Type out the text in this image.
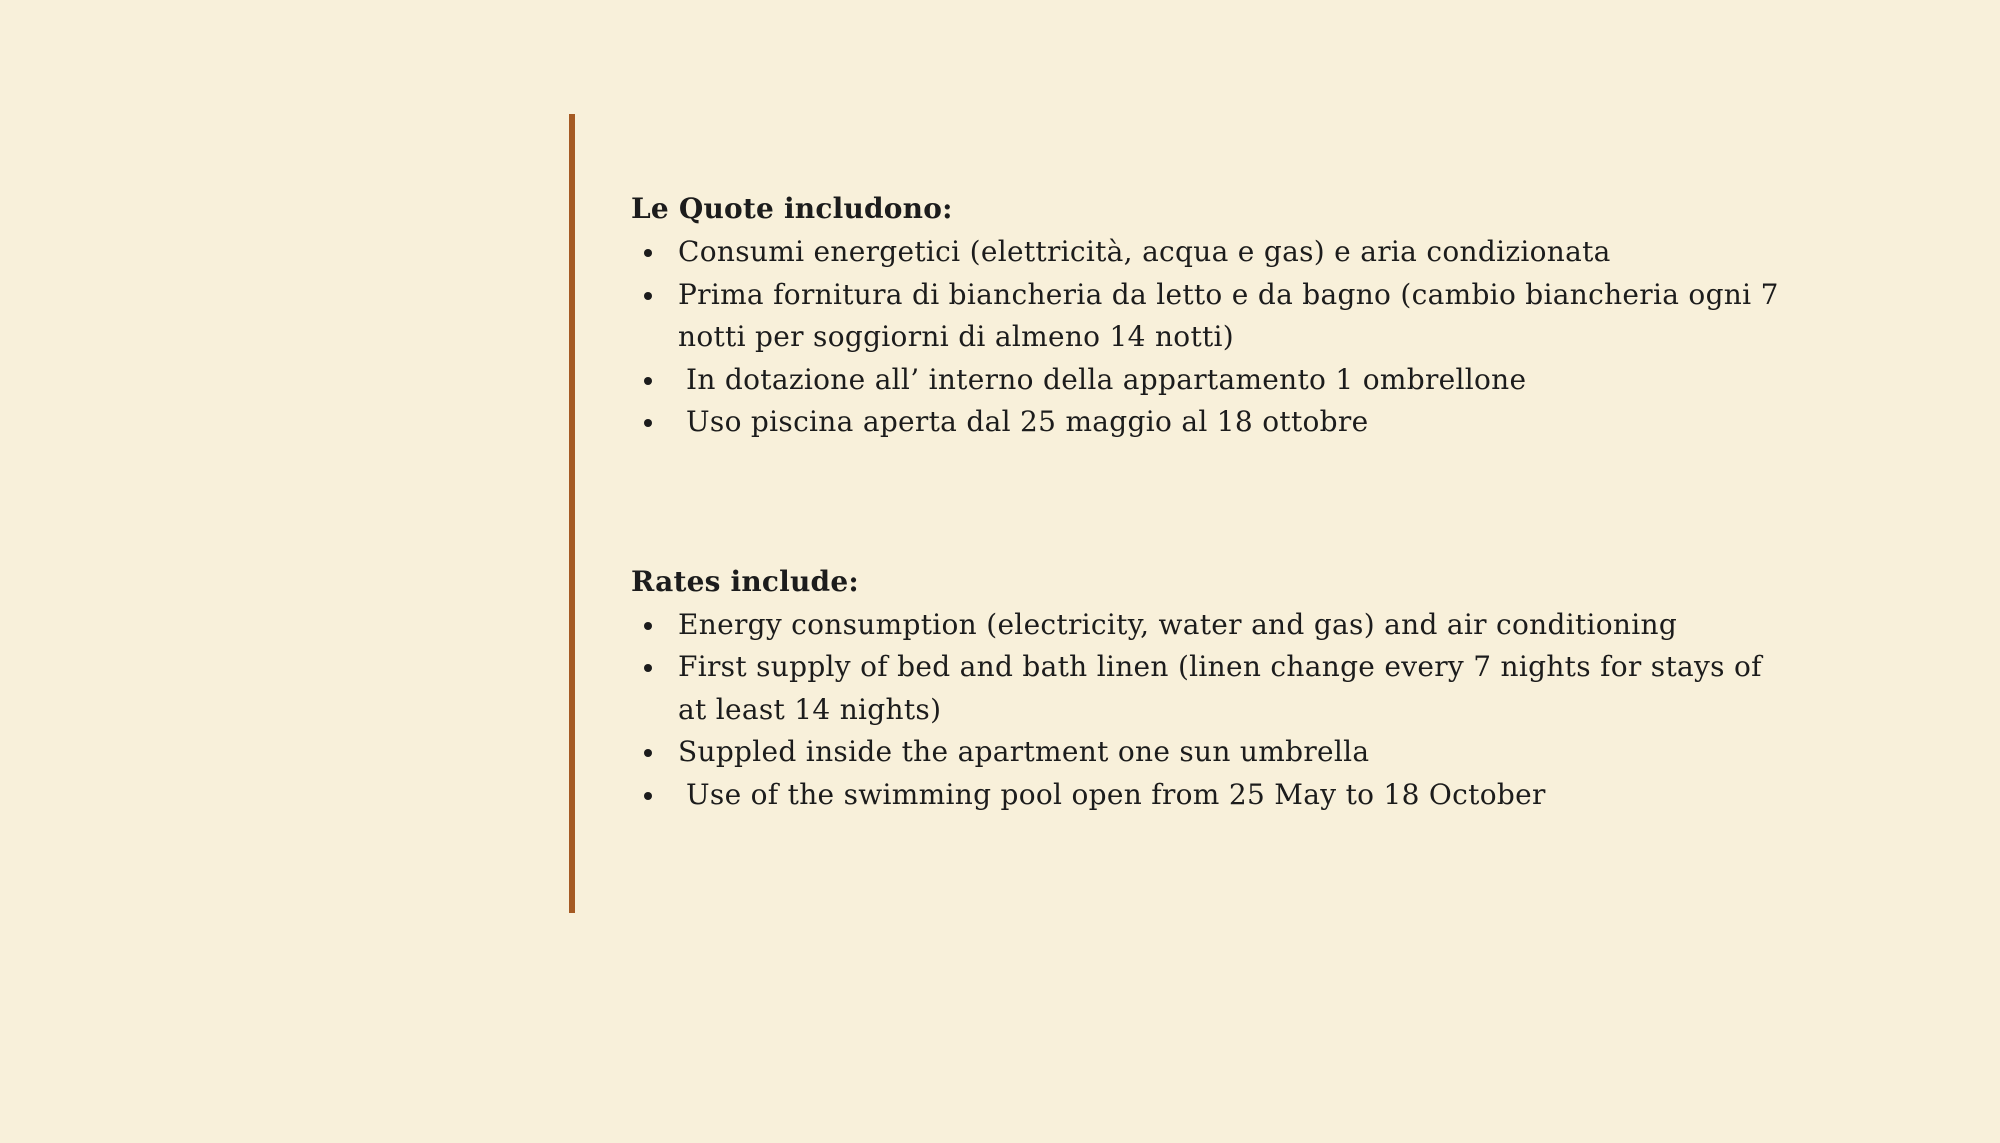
Le Quote includono:
Consumi energetici (elettricità, acqua e gas) e aria condizionata
Prima fornitura di biancheria da letto e da bagno (cambio biancheria ogni 7 notti per soggiorni di almeno 14 notti)
In dotazione all’ interno della appartamento 1 ombrellone
Uso piscina aperta dal 25 maggio al 18 ottobre
Rates include:
Energy consumption (electricity, water and gas) and air conditioning
First supply of bed and bath linen (linen change every 7 nights for stays of at least 14 nights)
Suppled inside the apartment one sun umbrella
Use of the swimming pool open from 25 May to 18 October
